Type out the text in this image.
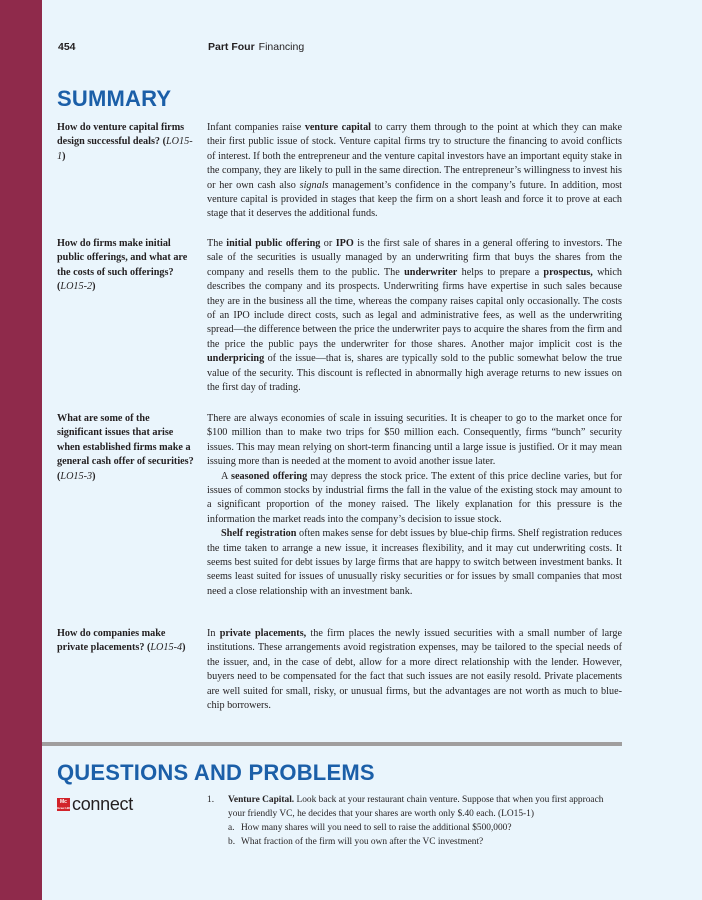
454	Part Four Financing
SUMMARY
How do venture capital firms design successful deals? (LO15-1)

Infant companies raise venture capital to carry them through to the point at which they can make their first public issue of stock. Venture capital firms try to structure the financing to avoid conflicts of interest. If both the entrepreneur and the venture capital investors have an important equity stake in the company, they are likely to pull in the same direction. The entrepreneur’s willingness to invest his or her own cash also signals management’s confidence in the company’s future. In addition, most venture capital is provided in stages that keep the firm on a short leash and force it to prove at each stage that it deserves the additional funds.

How do firms make initial public offerings, and what are the costs of such offerings? (LO15-2)

The initial public offering or IPO is the first sale of shares in a general offering to investors. The sale of the securities is usually managed by an underwriting firm that buys the shares from the company and resells them to the public. The underwriter helps to prepare a prospectus, which describes the company and its prospects. Underwriting firms have expertise in such sales because they are in the business all the time, whereas the company raises capital only occasionally. The costs of an IPO include direct costs, such as legal and administrative fees, as well as the underwriting spread—the difference between the price the underwriter pays to acquire the shares from the firm and the price the public pays the underwriter for those shares. Another major implicit cost is the underpricing of the issue—that is, shares are typically sold to the public somewhat below the true value of the security. This discount is reflected in abnormally high average returns to new issues on the first day of trading.

What are some of the significant issues that arise when established firms make a general cash offer of securities? (LO15-3)

There are always economies of scale in issuing securities. It is cheaper to go to the market once for $100 million than to make two trips for $50 million each. Consequently, firms “bunch” security issues. This may mean relying on short-term financing until a large issue is justified. Or it may mean issuing more than is needed at the moment to avoid another issue later.

A seasoned offering may depress the stock price. The extent of this price decline varies, but for issues of common stocks by industrial firms the fall in the value of the existing stock may amount to a significant proportion of the money raised. The likely explanation for this pressure is the information the market reads into the company’s decision to issue stock.

Shelf registration often makes sense for debt issues by blue-chip firms. Shelf registration reduces the time taken to arrange a new issue, it increases flexibility, and it may cut underwriting costs. It seems best suited for debt issues by large firms that are happy to switch between investment banks. It seems least suited for issues of unusually risky securities or for issues by small companies that most need a close relationship with an investment bank.

How do companies make private placements? (LO15-4)

In private placements, the firm places the newly issued securities with a small number of large institutions. These arrangements avoid registration expenses, may be tailored to the special needs of the issuer, and, in the case of debt, allow for a more direct relationship with the lender. However, buyers need to be compensated for the fact that such issues are not easily resold. Private placements are well suited for small, risky, or unusual firms, but the advantages are not worth as much to blue-chip borrowers.

QUESTIONS AND PROBLEMS
Mc
Graw Hill connect	1. Venture Capital. Look back at your restaurant chain venture. Suppose that when you first approach your friendly VC, he decides that your shares are worth only $.40 each. (LO15-1)
a. How many shares will you need to sell to raise the additional $500,000?
b. What fraction of the firm will you own after the VC investment?
